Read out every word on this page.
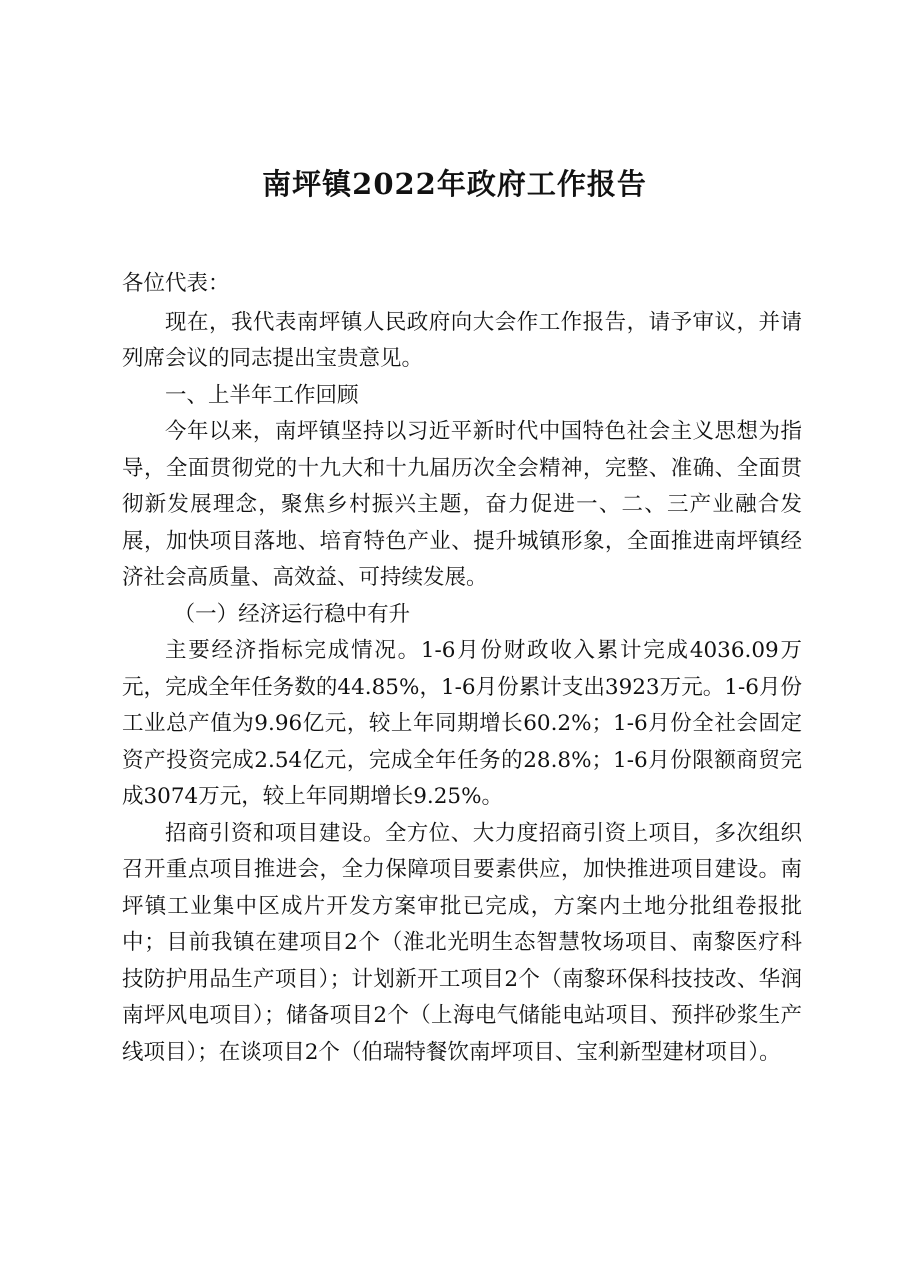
南坪镇2022年政府工作报告

各位代表：

现在，我代表南坪镇人民政府向大会作工作报告，请予审议，并请列席会议的同志提出宝贵意见。

一、上半年工作回顾

今年以来，南坪镇坚持以习近平新时代中国特色社会主义思想为指导，全面贯彻党的十九大和十九届历次全会精神，完整、准确、全面贯彻新发展理念，聚焦乡村振兴主题，奋力促进一、二、三产业融合发展，加快项目落地、培育特色产业、提升城镇形象，全面推进南坪镇经济社会高质量、高效益、可持续发展。

（一）经济运行稳中有升

主要经济指标完成情况。1-6月份财政收入累计完成4036.09万元，完成全年任务数的44.85%，1-6月份累计支出3923万元。1-6月份工业总产值为9.96亿元，较上年同期增长60.2%；1-6月份全社会固定资产投资完成2.54亿元，完成全年任务的28.8%；1-6月份限额商贸完成3074万元，较上年同期增长9.25%。

招商引资和项目建设。全方位、大力度招商引资上项目，多次组织召开重点项目推进会，全力保障项目要素供应，加快推进项目建设。南坪镇工业集中区成片开发方案审批已完成，方案内土地分批组卷报批中；目前我镇在建项目2个（淮北光明生态智慧牧场项目、南黎医疗科技防护用品生产项目）；计划新开工项目2个（南黎环保科技技改、华润南坪风电项目）；储备项目2个（上海电气储能电站项目、预拌砂浆生产线项目）；在谈项目2个（伯瑞特餐饮南坪项目、宝利新型建材项目）。
